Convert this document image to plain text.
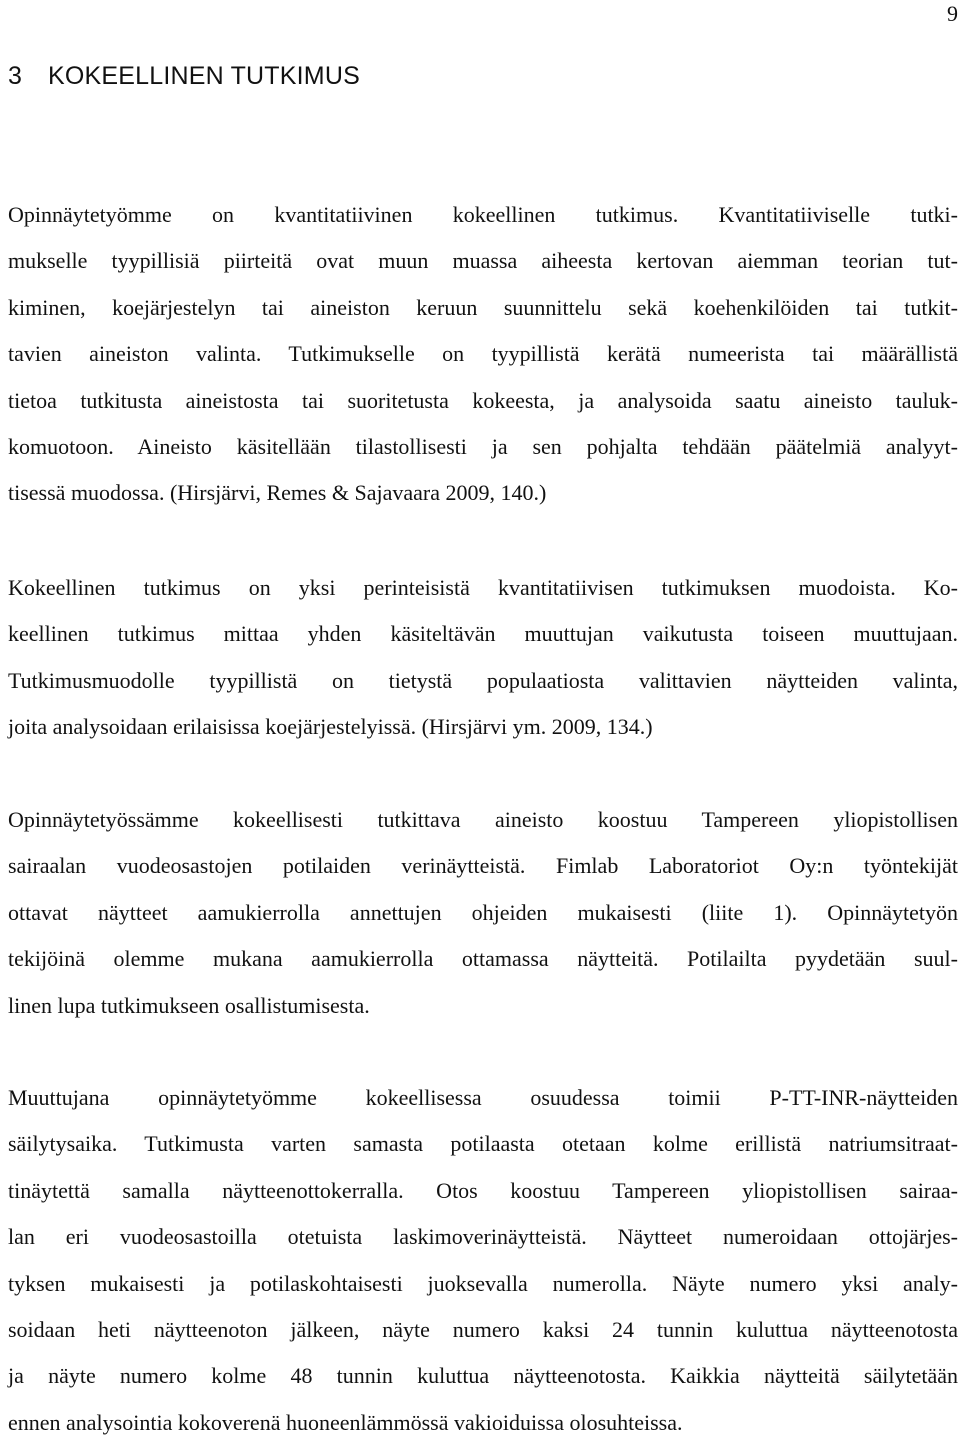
9
3 KOKEELLINEN TUTKIMUS

Opinnäytetyömme on kvantitatiivinen kokeellinen tutkimus. Kvantitatiiviselle tutki-
mukselle tyypillisiä piirteitä ovat muun muassa aiheesta kertovan aiemman teorian tut-
kiminen, koejärjestelyn tai aineiston keruun suunnittelu sekä koehenkilöiden tai tutkit-
tavien aineiston valinta. Tutkimukselle on tyypillistä kerätä numeerista tai määrällistä
tietoa tutkitusta aineistosta tai suoritetusta kokeesta, ja analysoida saatu aineisto tauluk-
komuotoon. Aineisto käsitellään tilastollisesti ja sen pohjalta tehdään päätelmiä analyyt-
tisessä muodossa. (Hirsjärvi, Remes & Sajavaara 2009, 140.)

Kokeellinen tutkimus on yksi perinteisistä kvantitatiivisen tutkimuksen muodoista. Ko-
keellinen tutkimus mittaa yhden käsiteltävän muuttujan vaikutusta toiseen muuttujaan.
Tutkimusmuodolle tyypillistä on tietystä populaatiosta valittavien näytteiden valinta,
joita analysoidaan erilaisissa koejärjestelyissä. (Hirsjärvi ym. 2009, 134.)

Opinnäytetyössämme kokeellisesti tutkittava aineisto koostuu Tampereen yliopistollisen
sairaalan vuodeosastojen potilaiden verinäytteistä. Fimlab Laboratoriot Oy:n työntekijät
ottavat näytteet aamukierrolla annettujen ohjeiden mukaisesti (liite 1). Opinnäytetyön
tekijöinä olemme mukana aamukierrolla ottamassa näytteitä. Potilailta pyydetään suul-
linen lupa tutkimukseen osallistumisesta.

Muuttujana opinnäytetyömme kokeellisessa osuudessa toimii P-TT-INR-näytteiden
säilytysaika. Tutkimusta varten samasta potilaasta otetaan kolme erillistä natriumsitraat-
tinäytettä samalla näytteenottokerralla. Otos koostuu Tampereen yliopistollisen sairaa-
lan eri vuodeosastoilla otetuista laskimoverinäytteistä. Näytteet numeroidaan ottojärjes-
tyksen mukaisesti ja potilaskohtaisesti juoksevalla numerolla. Näyte numero yksi analy-
soidaan heti näytteenoton jälkeen, näyte numero kaksi 24 tunnin kuluttua näytteenotosta
ja näyte numero kolme 48 tunnin kuluttua näytteenotosta. Kaikkia näytteitä säilytetään
ennen analysointia kokoverenä huoneenlämmössä vakioiduissa olosuhteissa.
